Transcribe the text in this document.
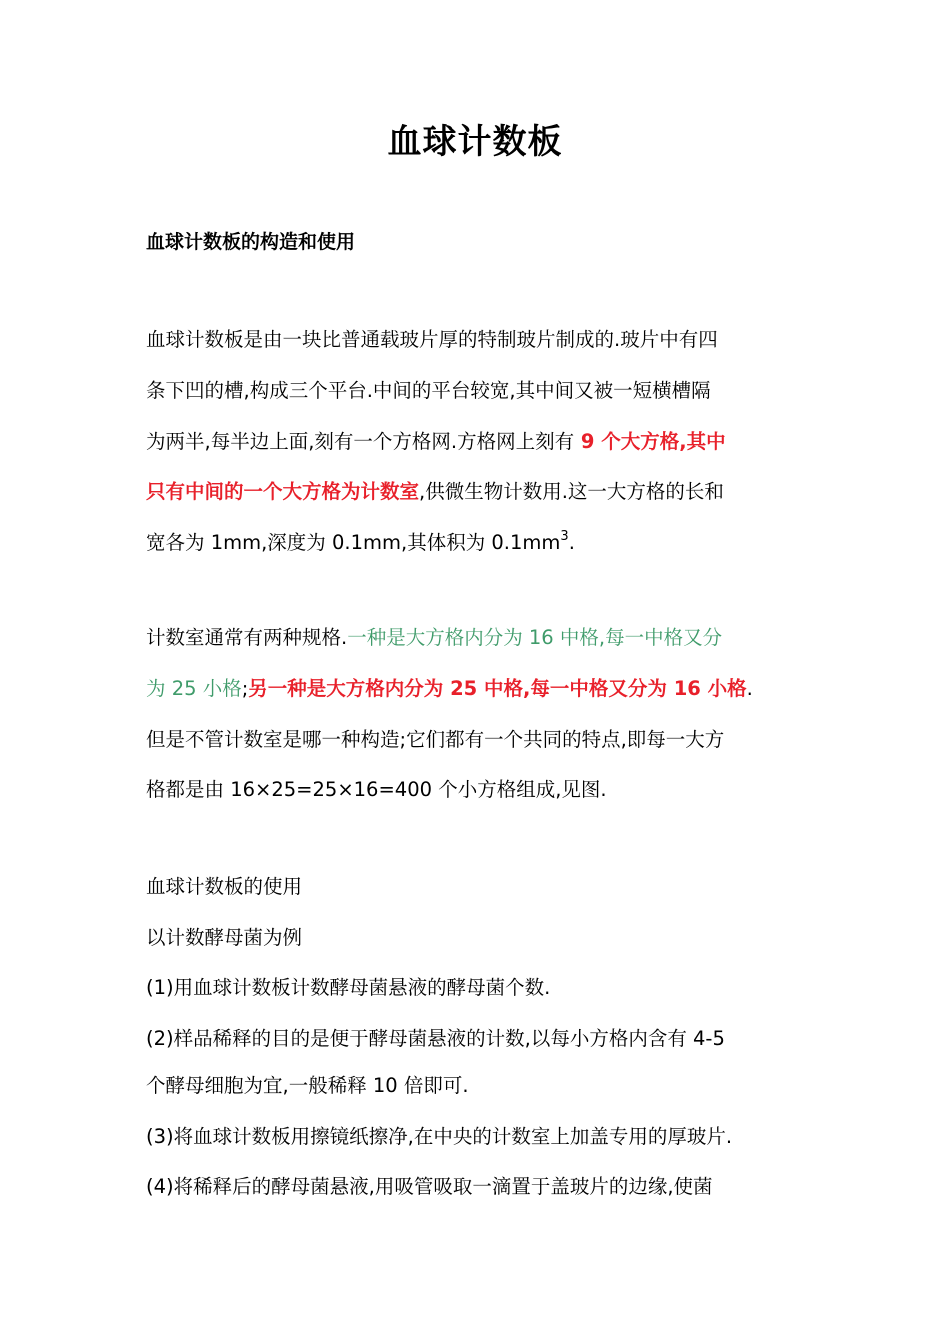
血球计数板
血球计数板的构造和使用
血球计数板是由一块比普通载玻片厚的特制玻片制成的.玻片中有四
条下凹的槽,构成三个平台.中间的平台较宽,其中间又被一短横槽隔
为两半,每半边上面,刻有一个方格网.方格网上刻有 9 个大方格,其中
只有中间的一个大方格为计数室,供微生物计数用.这一大方格的长和
宽各为 1mm,深度为 0.1mm,其体积为 $0.1mm^3$.
计数室通常有两种规格.一种是大方格内分为 16 中格,每一中格又分
为 25 小格;另一种是大方格内分为 25 中格,每一中格又分为 16 小格.
但是不管计数室是哪一种构造;它们都有一个共同的特点,即每一大方
格都是由 16×25=25×16=400 个小方格组成,见图.
血球计数板的使用
以计数酵母菌为例
(1)用血球计数板计数酵母菌悬液的酵母菌个数.
(2)样品稀释的目的是便于酵母菌悬液的计数,以每小方格内含有 4-5
个酵母细胞为宜,一般稀释 10 倍即可.
(3)将血球计数板用擦镜纸擦净,在中央的计数室上加盖专用的厚玻片.
(4)将稀释后的酵母菌悬液,用吸管吸取一滴置于盖玻片的边缘,使菌
